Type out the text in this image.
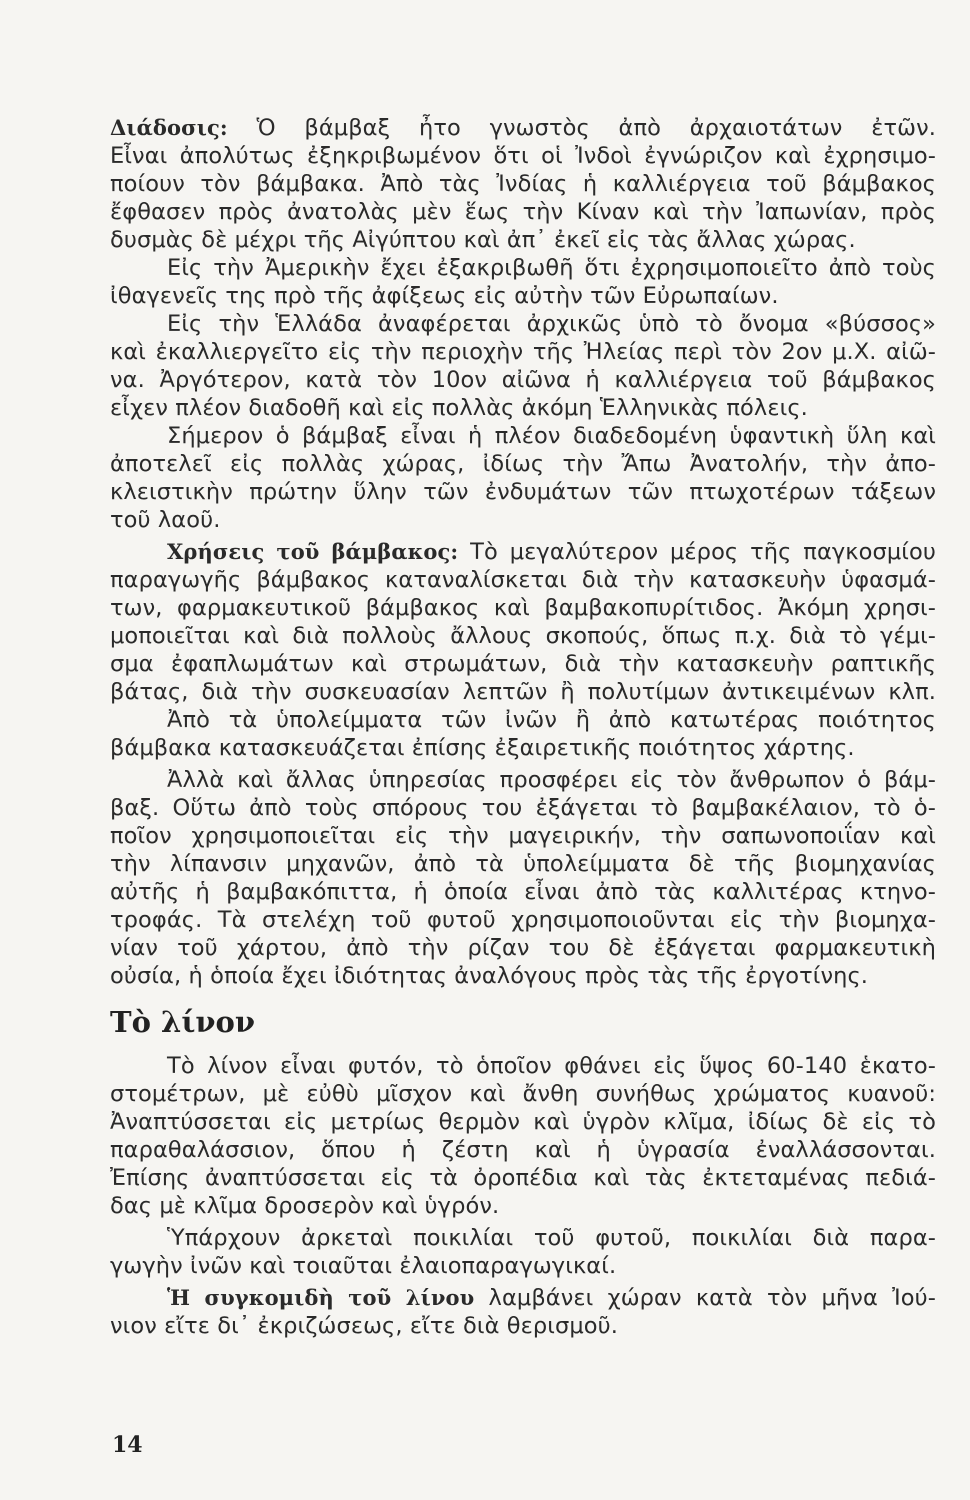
Διάδοσις: Ὁ βάμβαξ ἦτο γνωστὸς ἀπὸ ἀρχαιοτάτων ἐτῶν.
Εἶναι ἀπολύτως ἐξηκριβωμένον ὅτι οἱ Ἰνδοὶ ἐγνώριζον καὶ ἐχρησιμο-
ποίουν τὸν βάμβακα. Ἀπὸ τὰς Ἰνδίας ἡ καλλιέργεια τοῦ βάμβακος
ἔφθασεν πρὸς ἀνατολὰς μὲν ἕως τὴν Κίναν καὶ τὴν Ἰαπωνίαν, πρὸς
δυσμὰς δὲ μέχρι τῆς Αἰγύπτου καὶ ἀπ᾽ ἐκεῖ εἰς τὰς ἄλλας χώρας.
Εἰς τὴν Ἀμερικὴν ἔχει ἐξακριβωθῆ ὅτι ἐχρησιμοποιεῖτο ἀπὸ τοὺς
ἰθαγενεῖς της πρὸ τῆς ἀφίξεως εἰς αὐτὴν τῶν Εὐρωπαίων.
Εἰς τὴν Ἑλλάδα ἀναφέρεται ἀρχικῶς ὑπὸ τὸ ὄνομα «βύσσος»
καὶ ἐκαλλιεργεῖτο εἰς τὴν περιοχὴν τῆς Ἠλείας περὶ τὸν 2ον μ.Χ. αἰῶ-
να. Ἀργότερον, κατὰ τὸν 10ον αἰῶνα ἡ καλλιέργεια τοῦ βάμβακος
εἶχεν πλέον διαδοθῆ καὶ εἰς πολλὰς ἀκόμη Ἑλληνικὰς πόλεις.
Σήμερον ὁ βάμβαξ εἶναι ἡ πλέον διαδεδομένη ὑφαντικὴ ὕλη καὶ
ἀποτελεῖ εἰς πολλὰς χώρας, ἰδίως τὴν Ἄπω Ἀνατολήν, τὴν ἀπο-
κλειστικὴν πρώτην ὕλην τῶν ἐνδυμάτων τῶν πτωχοτέρων τάξεων
τοῦ λαοῦ.
Χρήσεις τοῦ βάμβακος: Τὸ μεγαλύτερον μέρος τῆς παγκοσμίου
παραγωγῆς βάμβακος καταναλίσκεται διὰ τὴν κατασκευὴν ὑφασμά-
των, φαρμακευτικοῦ βάμβακος καὶ βαμβακοπυρίτιδος. Ἀκόμη χρησι-
μοποιεῖται καὶ διὰ πολλοὺς ἄλλους σκοπούς, ὅπως π.χ. διὰ τὸ γέμι-
σμα ἐφαπλωμάτων καὶ στρωμάτων, διὰ τὴν κατασκευὴν ραπτικῆς
βάτας, διὰ τὴν συσκευασίαν λεπτῶν ἢ πολυτίμων ἀντικειμένων κλπ.
Ἀπὸ τὰ ὑπολείμματα τῶν ἰνῶν ἢ ἀπὸ κατωτέρας ποιότητος
βάμβακα κατασκευάζεται ἐπίσης ἐξαιρετικῆς ποιότητος χάρτης.
Ἀλλὰ καὶ ἄλλας ὑπηρεσίας προσφέρει εἰς τὸν ἄνθρωπον ὁ βάμ-
βαξ. Οὕτω ἀπὸ τοὺς σπόρους του ἐξάγεται τὸ βαμβακέλαιον, τὸ ὁ-
ποῖον χρησιμοποιεῖται εἰς τὴν μαγειρικήν, τὴν σαπωνοποιΐαν καὶ
τὴν λίπανσιν μηχανῶν, ἀπὸ τὰ ὑπολείμματα δὲ τῆς βιομηχανίας
αὐτῆς ἡ βαμβακόπιττα, ἡ ὁποία εἶναι ἀπὸ τὰς καλλιτέρας κτηνο-
τροφάς. Τὰ στελέχη τοῦ φυτοῦ χρησιμοποιοῦνται εἰς τὴν βιομηχα-
νίαν τοῦ χάρτου, ἀπὸ τὴν ρίζαν του δὲ ἐξάγεται φαρμακευτικὴ
οὐσία, ἡ ὁποία ἔχει ἰδιότητας ἀναλόγους πρὸς τὰς τῆς ἐργοτίνης.
Τὸ λίνον
Τὸ λίνον εἶναι φυτόν, τὸ ὁποῖον φθάνει εἰς ὕψος 60-140 ἑκατο-
στομέτρων, μὲ εὐθὺ μῖσχον καὶ ἄνθη συνήθως χρώματος κυανοῦ:
Ἀναπτύσσεται εἰς μετρίως θερμὸν καὶ ὑγρὸν κλῖμα, ἰδίως δὲ εἰς τὸ
παραθαλάσσιον, ὅπου ἡ ζέστη καὶ ἡ ὑγρασία ἐναλλάσσονται.
Ἐπίσης ἀναπτύσσεται εἰς τὰ ὀροπέδια καὶ τὰς ἐκτεταμένας πεδιά-
δας μὲ κλῖμα δροσερὸν καὶ ὑγρόν.
Ὑπάρχουν ἀρκεταὶ ποικιλίαι τοῦ φυτοῦ, ποικιλίαι διὰ παρα-
γωγὴν ἰνῶν καὶ τοιαῦται ἐλαιοπαραγωγικαί.
Ἡ συγκομιδὴ τοῦ λίνου λαμβάνει χώραν κατὰ τὸν μῆνα Ἰού-
νιον εἴτε δι᾽ ἐκριζώσεως, εἴτε διὰ θερισμοῦ.
14
